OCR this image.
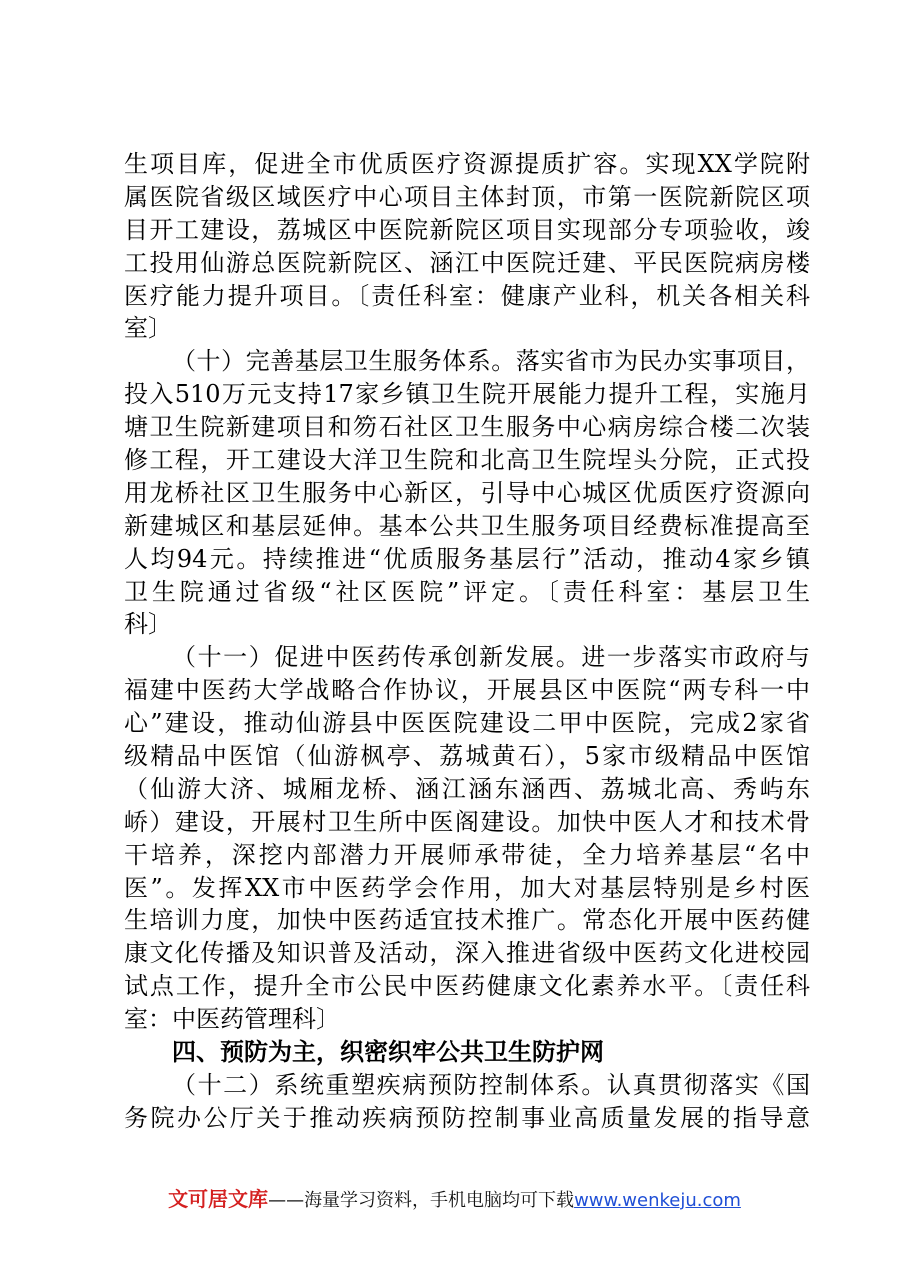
生项目库，促进全市优质医疗资源提质扩容。实现XX学院附
属医院省级区域医疗中心项目主体封顶，市第一医院新院区项
目开工建设，荔城区中医院新院区项目实现部分专项验收，竣
工投用仙游总医院新院区、涵江中医院迁建、平民医院病房楼
医疗能力提升项目。〔责任科室：健康产业科，机关各相关科
室〕
（十）完善基层卫生服务体系。落实省市为民办实事项目，
投入510万元支持17家乡镇卫生院开展能力提升工程，实施月
塘卫生院新建项目和笏石社区卫生服务中心病房综合楼二次装
修工程，开工建设大洋卫生院和北高卫生院埕头分院，正式投
用龙桥社区卫生服务中心新区，引导中心城区优质医疗资源向
新建城区和基层延伸。基本公共卫生服务项目经费标准提高至
人均94元。持续推进“优质服务基层行”活动，推动4家乡镇
卫生院通过省级“社区医院”评定。〔责任科室：基层卫生
科〕
（十一）促进中医药传承创新发展。进一步落实市政府与
福建中医药大学战略合作协议，开展县区中医院“两专科一中
心”建设，推动仙游县中医医院建设二甲中医院，完成2家省
级精品中医馆（仙游枫亭、荔城黄石），5家市级精品中医馆
（仙游大济、城厢龙桥、涵江涵东涵西、荔城北高、秀屿东
峤）建设，开展村卫生所中医阁建设。加快中医人才和技术骨
干培养，深挖内部潜力开展师承带徒，全力培养基层“名中
医”。发挥XX市中医药学会作用，加大对基层特别是乡村医
生培训力度，加快中医药适宜技术推广。常态化开展中医药健
康文化传播及知识普及活动，深入推进省级中医药文化进校园
试点工作，提升全市公民中医药健康文化素养水平。〔责任科
室：中医药管理科〕
四、预防为主，织密织牢公共卫生防护网
（十二）系统重塑疾病预防控制体系。认真贯彻落实《国
务院办公厅关于推动疾病预防控制事业高质量发展的指导意
文可居文库——海量学习资料，手机电脑均可下载www.wenkeju.com
